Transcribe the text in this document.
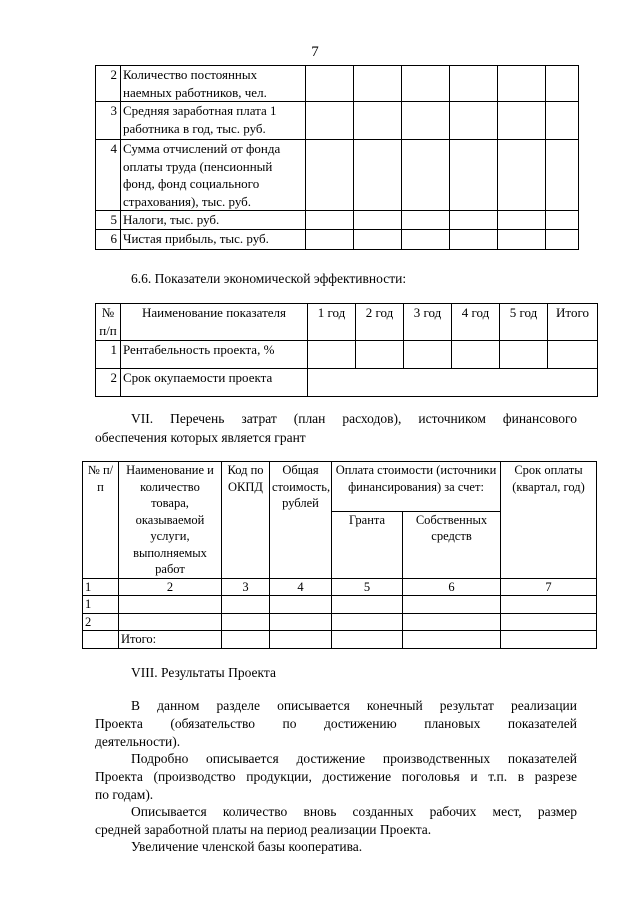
7
2	Количество постоянных наемных работников, чел.						
3	Средняя заработная плата 1 работника в год, тыс. руб.						
4	Сумма отчислений от фонда оплаты труда (пенсионный фонд, фонд социального страхования), тыс. руб.						
5	Налоги, тыс. руб.						
6	Чистая прибыль, тыс. руб.						

6.6. Показатели экономической эффективности:

№ п/п	Наименование показателя	1 год	2 год	3 год	4 год	5 год	Итого
1	Рентабельность проекта, %						
2	Срок окупаемости проекта						

VII. Перечень затрат (план расходов), источником финансового

обеспечения которых является грант

№ п/п	Наименование и количество товара, оказываемой услуги, выполняемых работ	Код по ОКПД	Общая стоимость, рублей	Оплата стоимости (источники финансирования) за счет:		Срок оплаты (квартал, год)
				Гранта	Собственных средств	
1	2	3	4	5	6	7
1						
2						
	Итого:					

VIII. Результаты Проекта

В данном разделе описывается конечный результат реализации

Проекта (обязательство по достижению плановых показателей

деятельности).

Подробно описывается достижение производственных показателей

Проекта (производство продукции, достижение поголовья и т.п. в разрезе

по годам).

Описывается количество вновь созданных рабочих мест, размер

средней заработной платы на период реализации Проекта.

Увеличение членской базы кооператива.
